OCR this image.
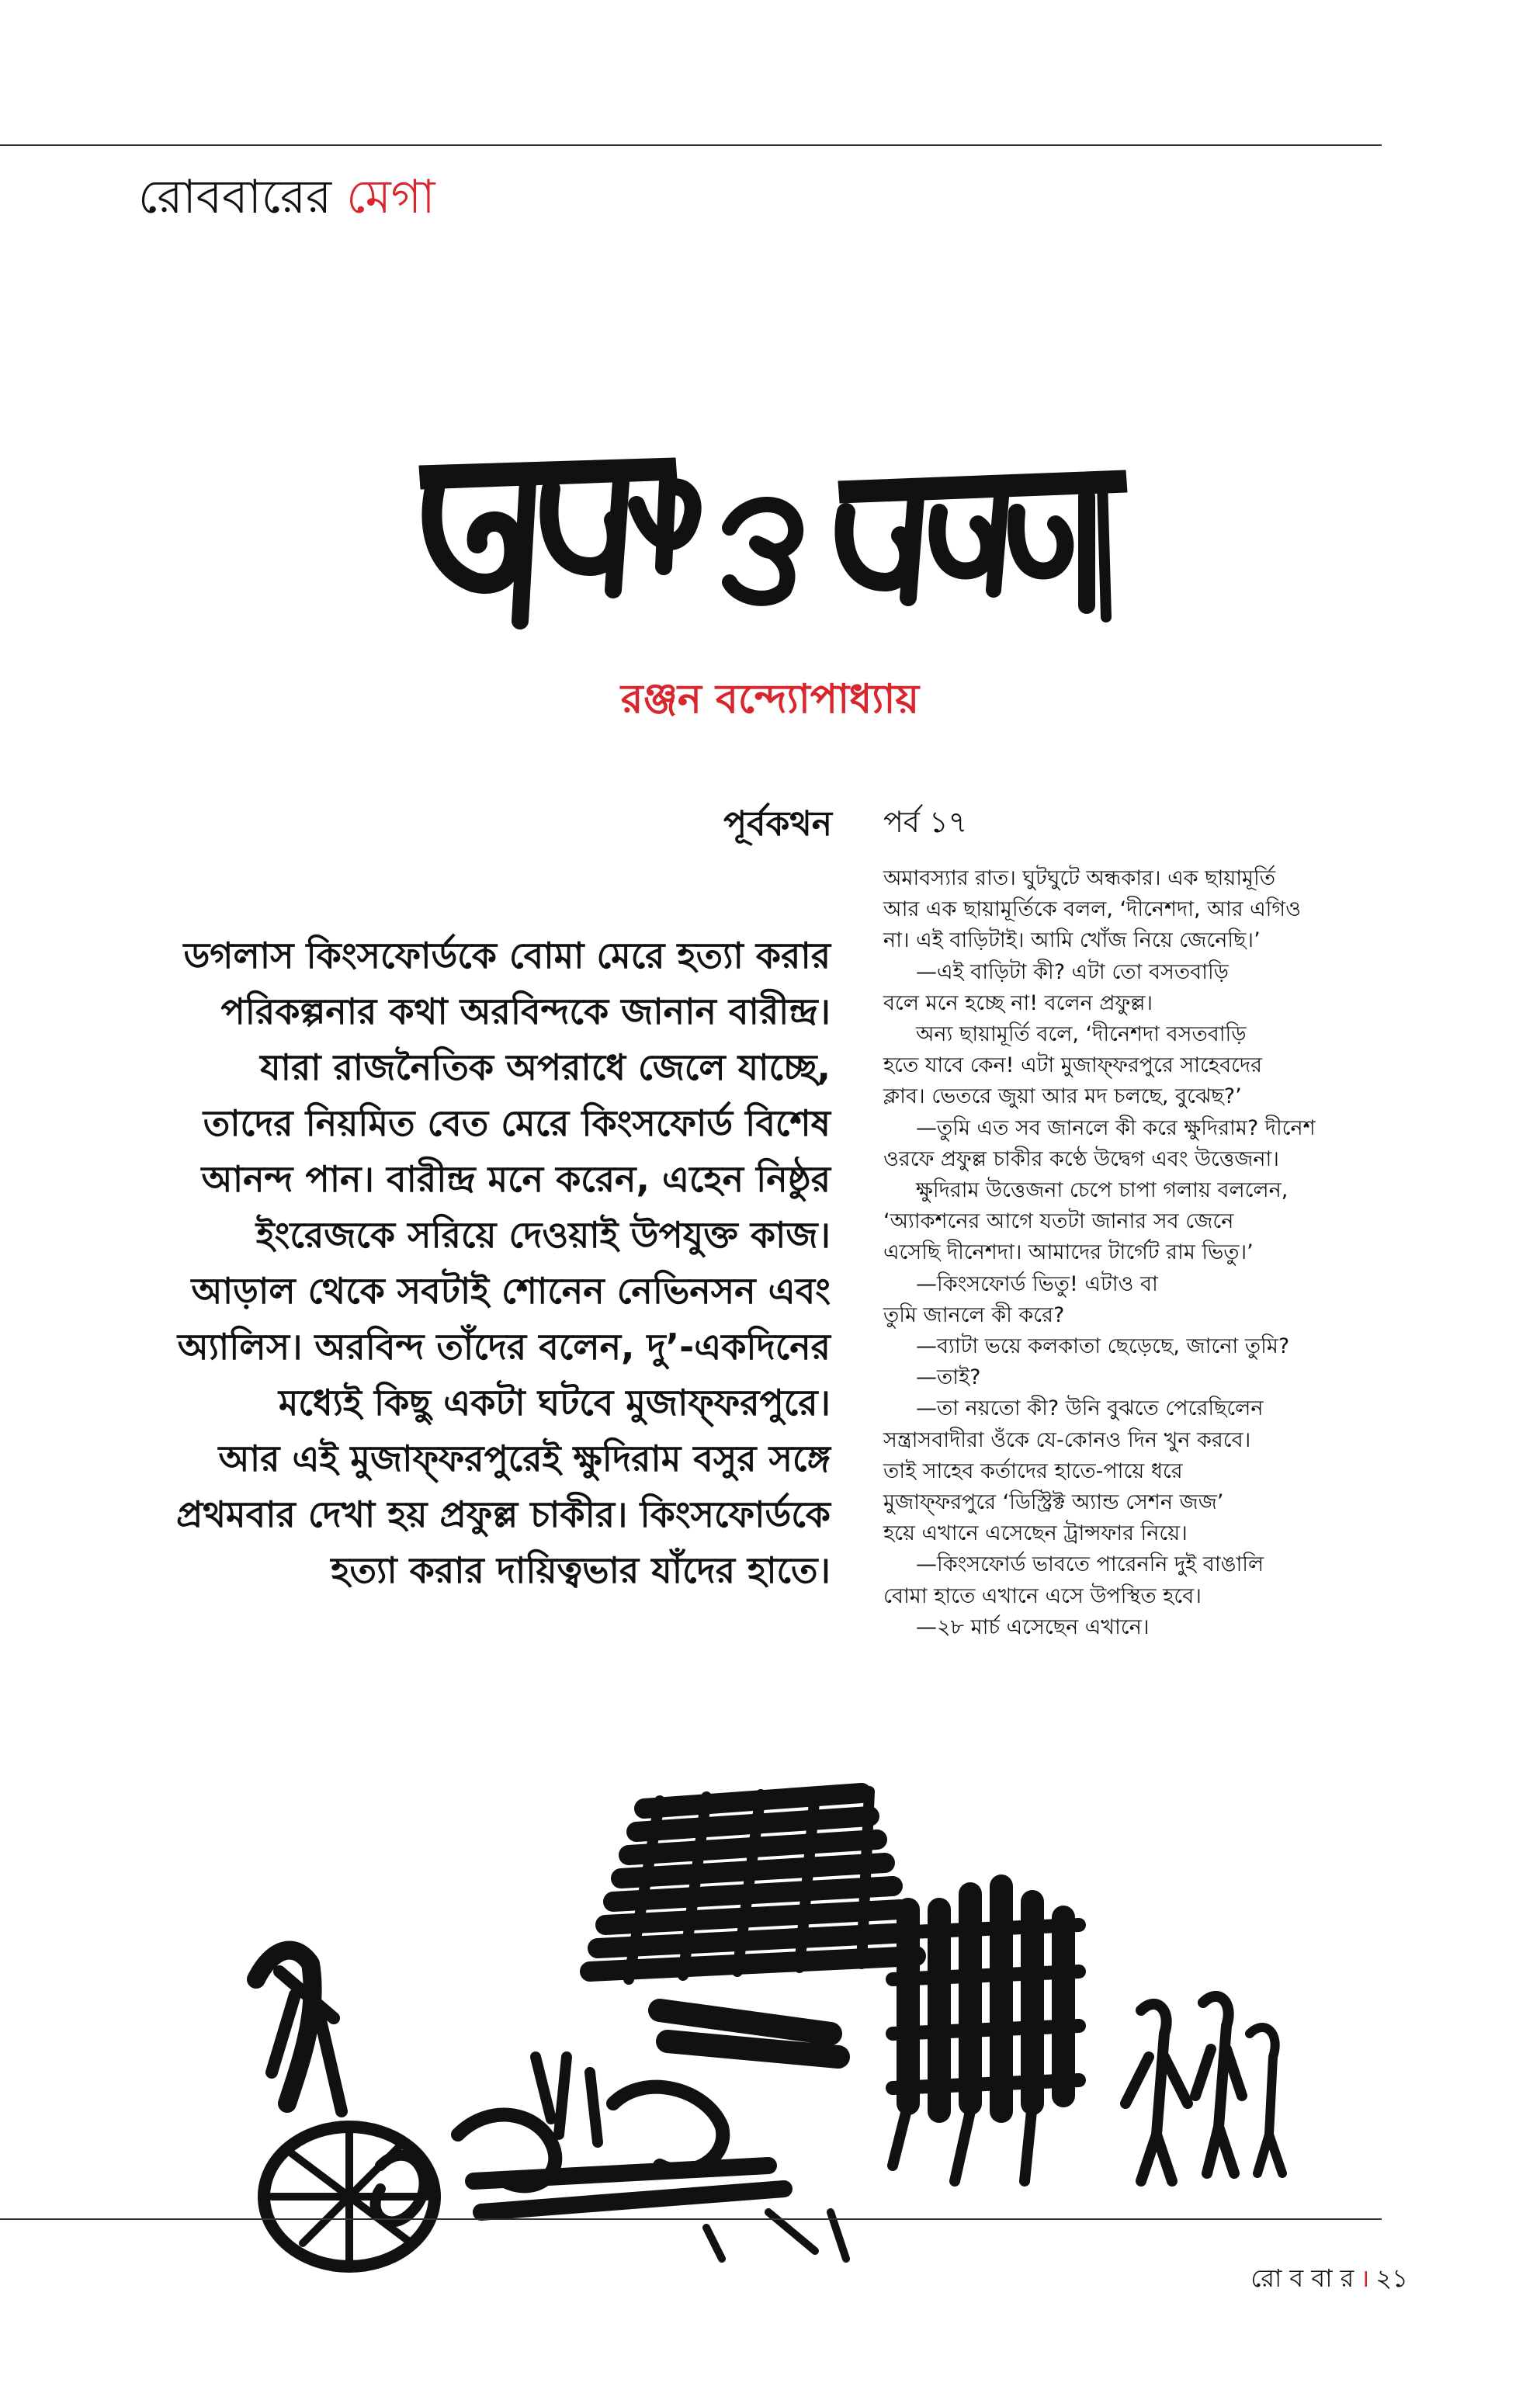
রোববারের মেগা
রঞ্জন বন্দ্যোপাধ্যায়
পূর্বকথন পর্ব ১৭
ডগলাস কিংসফোর্ডকে বোমা মেরে হত্যা করার
পরিকল্পনার কথা অরবিন্দকে জানান বারীন্দ্র।
যারা রাজনৈতিক অপরাধে জেলে যাচ্ছে,
তাদের নিয়মিত বেত মেরে কিংসফোর্ড বিশেষ
আনন্দ পান। বারীন্দ্র মনে করেন, এহেন নিষ্ঠুর
ইংরেজকে সরিয়ে দেওয়াই উপযুক্ত কাজ।
আড়াল থেকে সবটাই শোনেন নেভিনসন এবং
অ্যালিস। অরবিন্দ তাঁদের বলেন, দু’-একদিনের
মধ্যেই কিছু একটা ঘটবে মুজাফ্‌ফরপুরে।
আর এই মুজাফ্‌ফরপুরেই ক্ষুদিরাম বসুর সঙ্গে
প্রথমবার দেখা হয় প্রফুল্ল চাকীর। কিংসফোর্ডকে
হত্যা করার দায়িত্বভার যাঁদের হাতে।
অমাবস্যার রাত। ঘুটঘুটে অন্ধকার। এক ছায়ামূর্তি
আর এক ছায়ামূর্তিকে বলল, ‘দীনেশদা, আর এগিও
না। এই বাড়িটাই। আমি খোঁজ নিয়ে জেনেছি।’
—এই বাড়িটা কী? এটা তো বসতবাড়ি
বলে মনে হচ্ছে না! বলেন প্রফুল্ল।
অন্য ছায়ামূর্তি বলে, ‘দীনেশদা বসতবাড়ি
হতে যাবে কেন! এটা মুজাফ্‌ফরপুরে সাহেবদের
ক্লাব। ভেতরে জুয়া আর মদ চলছে, বুঝেছ?’
—তুমি এত সব জানলে কী করে ক্ষুদিরাম? দীনেশ
ওরফে প্রফুল্ল চাকীর কণ্ঠে উদ্বেগ এবং উত্তেজনা।
ক্ষুদিরাম উত্তেজনা চেপে চাপা গলায় বললেন,
‘অ্যাকশনের আগে যতটা জানার সব জেনে
এসেছি দীনেশদা। আমাদের টার্গেট রাম ভিতু।’
—কিংসফোর্ড ভিতু! এটাও বা
তুমি জানলে কী করে?
—ব্যাটা ভয়ে কলকাতা ছেড়েছে, জানো তুমি?
—তাই?
—তা নয়তো কী? উনি বুঝতে পেরেছিলেন
সন্ত্রাসবাদীরা ওঁকে যে-কোনও দিন খুন করবে।
তাই সাহেব কর্তাদের হাতে-পায়ে ধরে
মুজাফ্‌ফরপুরে ‘ডিস্ট্রিক্ট অ্যান্ড সেশন জজ’
হয়ে এখানে এসেছেন ট্রান্সফার নিয়ে।
—কিংসফোর্ড ভাবতে পারেননি দুই বাঙালি
বোমা হাতে এখানে এসে উপস্থিত হবে।
—২৮ মার্চ এসেছেন এখানে।
রো ব বা র । ২১
